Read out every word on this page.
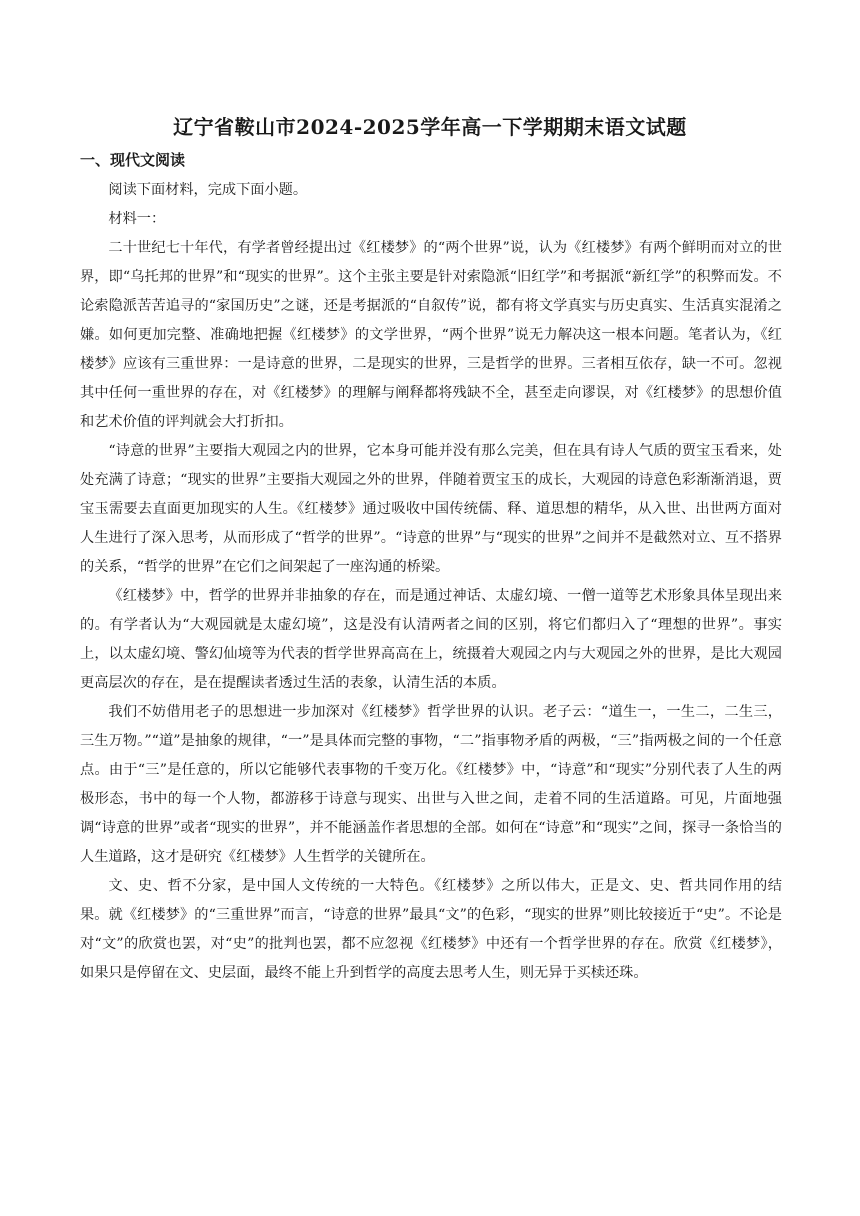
辽宁省鞍山市2024-2025学年高一下学期期末语文试题
一、现代文阅读

阅读下面材料，完成下面小题。

材料一：

二十世纪七十年代，有学者曾经提出过《红楼梦》的“两个世界”说，认为《红楼梦》有两个鲜明而对立的世界，即“乌托邦的世界”和“现实的世界”。这个主张主要是针对索隐派“旧红学”和考据派“新红学”的积弊而发。不论索隐派苦苦追寻的“家国历史”之谜，还是考据派的“自叙传”说，都有将文学真实与历史真实、生活真实混淆之嫌。如何更加完整、准确地把握《红楼梦》的文学世界，“两个世界”说无力解决这一根本问题。笔者认为，《红楼梦》应该有三重世界：一是诗意的世界，二是现实的世界，三是哲学的世界。三者相互依存，缺一不可。忽视其中任何一重世界的存在，对《红楼梦》的理解与阐释都将残缺不全，甚至走向谬误，对《红楼梦》的思想价值和艺术价值的评判就会大打折扣。

“诗意的世界”主要指大观园之内的世界，它本身可能并没有那么完美，但在具有诗人气质的贾宝玉看来，处处充满了诗意；“现实的世界”主要指大观园之外的世界，伴随着贾宝玉的成长，大观园的诗意色彩渐渐消退，贾宝玉需要去直面更加现实的人生。《红楼梦》通过吸收中国传统儒、释、道思想的精华，从入世、出世两方面对人生进行了深入思考，从而形成了“哲学的世界”。“诗意的世界”与“现实的世界”之间并不是截然对立、互不搭界的关系，“哲学的世界”在它们之间架起了一座沟通的桥梁。

《红楼梦》中，哲学的世界并非抽象的存在，而是通过神话、太虚幻境、一僧一道等艺术形象具体呈现出来的。有学者认为“大观园就是太虚幻境”，这是没有认清两者之间的区别，将它们都归入了“理想的世界”。事实上，以太虚幻境、警幻仙境等为代表的哲学世界高高在上，统摄着大观园之内与大观园之外的世界，是比大观园更高层次的存在，是在提醒读者透过生活的表象，认清生活的本质。

我们不妨借用老子的思想进一步加深对《红楼梦》哲学世界的认识。老子云：“道生一，一生二，二生三，三生万物。”“道”是抽象的规律，“一”是具体而完整的事物，“二”指事物矛盾的两极，“三”指两极之间的一个任意点。由于“三”是任意的，所以它能够代表事物的千变万化。《红楼梦》中，“诗意”和“现实”分别代表了人生的两极形态，书中的每一个人物，都游移于诗意与现实、出世与入世之间，走着不同的生活道路。可见，片面地强调“诗意的世界”或者“现实的世界”，并不能涵盖作者思想的全部。如何在“诗意”和“现实”之间，探寻一条恰当的人生道路，这才是研究《红楼梦》人生哲学的关键所在。

文、史、哲不分家，是中国人文传统的一大特色。《红楼梦》之所以伟大，正是文、史、哲共同作用的结果。就《红楼梦》的“三重世界”而言，“诗意的世界”最具“文”的色彩，“现实的世界”则比较接近于“史”。不论是对“文”的欣赏也罢，对“史”的批判也罢，都不应忽视《红楼梦》中还有一个哲学世界的存在。欣赏《红楼梦》，如果只是停留在文、史层面，最终不能上升到哲学的高度去思考人生，则无异于买椟还珠。
